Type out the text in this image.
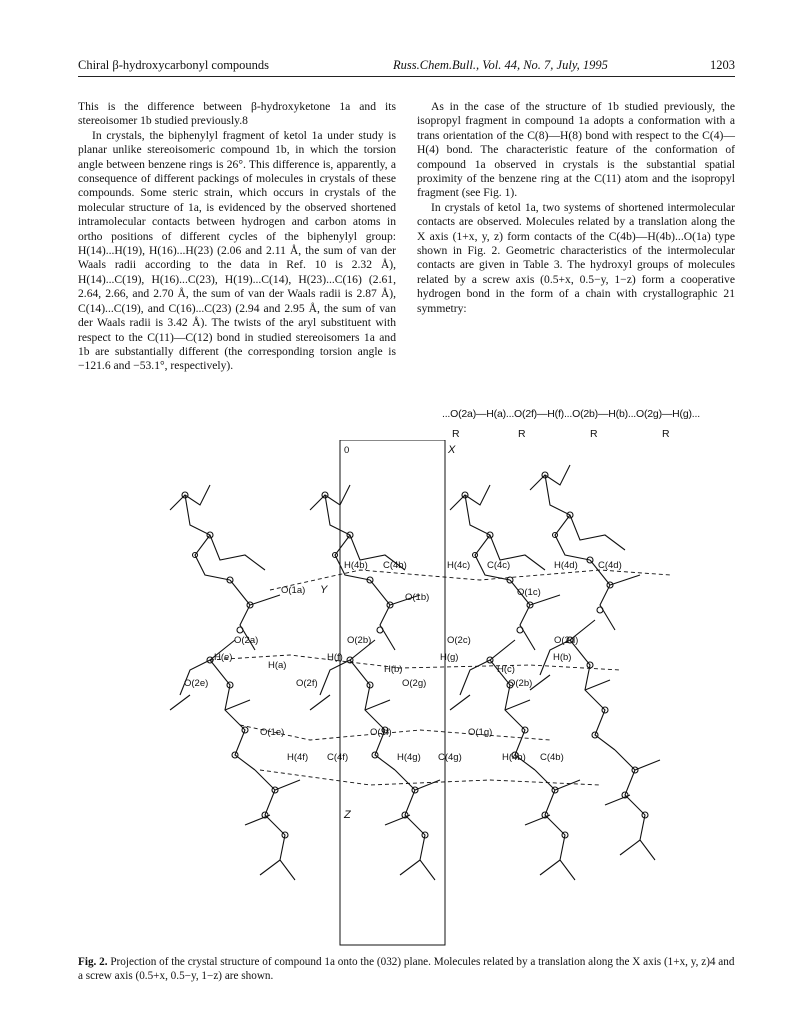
Chiral β-hydroxycarbonyl compounds	Russ.Chem.Bull., Vol. 44, No. 7, July, 1995	1203

This is the difference between β-hydroxyketone 1a and its stereoisomer 1b studied previously.8

In crystals, the biphenylyl fragment of ketol 1a under study is planar unlike stereoisomeric compound 1b, in which the torsion angle between benzene rings is 26°. This difference is, apparently, a consequence of different packings of molecules in crystals of these compounds. Some steric strain, which occurs in crystals of the molecular structure of 1a, is evidenced by the observed shortened intramolecular contacts between hydrogen and carbon atoms in ortho positions of different cycles of the biphenylyl group: H(14)...H(19), H(16)...H(23) (2.06 and 2.11 Å, the sum of van der Waals radii according to the data in Ref. 10 is 2.32 Å), H(14)...C(19), H(16)...C(23), H(19)...C(14), H(23)...C(16) (2.61, 2.64, 2.66, and 2.70 Å, the sum of van der Waals radii is 2.87 Å), C(14)...C(19), and C(16)...C(23) (2.94 and 2.95 Å, the sum of van der Waals radii is 3.42 Å). The twists of the aryl substituent with respect to the C(11)—C(12) bond in studied stereoisomers 1a and 1b are substantially different (the corresponding torsion angle is −121.6 and −53.1°, respectively).

As in the case of the structure of 1b studied previously, the isopropyl fragment in compound 1a adopts a conformation with a trans orientation of the C(8)—H(8) bond with respect to the C(4)—H(4) bond. The characteristic feature of the conformation of compound 1a observed in crystals is the substantial spatial proximity of the benzene ring at the C(11) atom and the isopropyl fragment (see Fig. 1).

In crystals of ketol 1a, two systems of shortened intermolecular contacts are observed. Molecules related by a translation along the X axis (1+x, y, z) form contacts of the C(4b)—H(4b)...O(1a) type shown in Fig. 2. Geometric characteristics of the intermolecular contacts are given in Table 3. The hydroxyl groups of molecules related by a screw axis (0.5+x, 0.5−y, 1−z) form a cooperative hydrogen bond in the form of a chain with crystallographic 21 symmetry:

...O(2a)—H(a)...O(2f)—H(f)...O(2b)—H(b)...O(2g)—H(g)...
R	R	R	R
0	X
Y
Z
H(4b) C(4b)	H(4c) C(4c)	H(4d) C(4d)
O(1a)
O(1b)	O(1c)
O(2a)	O(2b)	O(2c)	O(2d)
H(e)
H(a)
H(f)
H(b)
H(g)
H(c)
H(b)
O(2e)	O(2f)	O(2g)	O(2b)
O(1e)	O(1f)	O(1g)
H(4f) C(4f)	H(4g) C(4g)	H(4b) C(4b)
Fig. 2. Projection of the crystal structure of compound 1a onto the (032) plane. Molecules related by a translation along the X axis (1+x, y, z)4 and a screw axis (0.5+x, 0.5−y, 1−z) are shown.
